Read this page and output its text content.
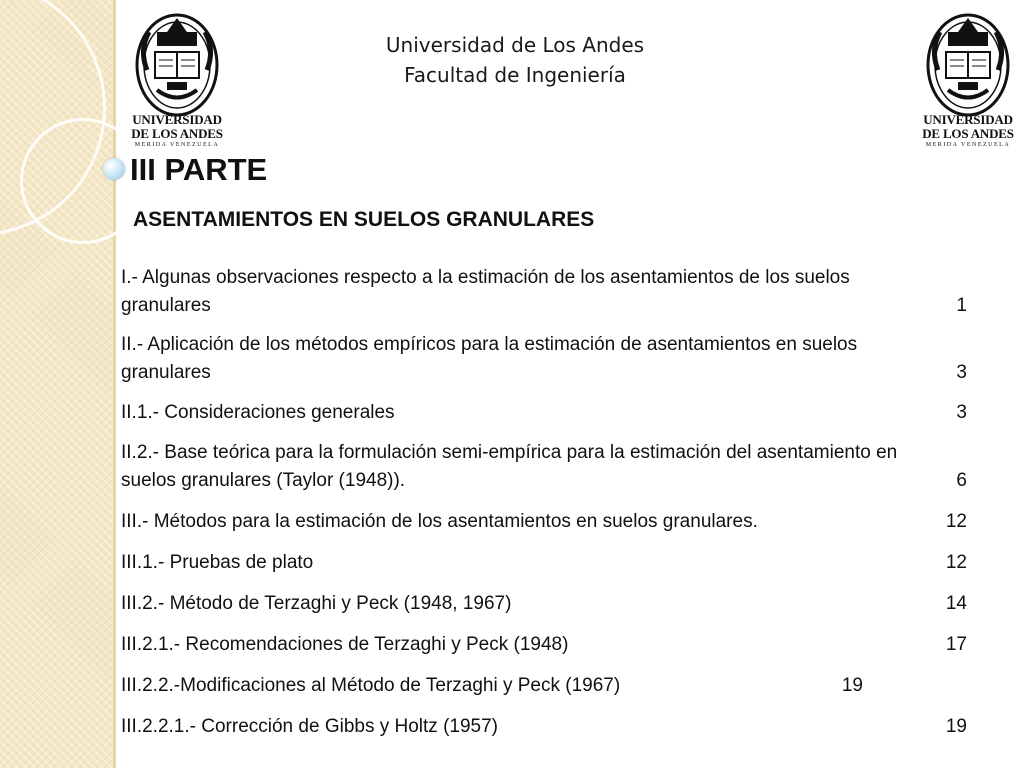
UNIVERSIDAD
DE LOS ANDES
MERIDA VENEZUELA
UNIVERSIDAD
DE LOS ANDES
MERIDA VENEZUELA
Universidad de Los Andes
Facultad de Ingeniería
III PARTE
ASENTAMIENTOS EN SUELOS GRANULARES
I.- Algunas observaciones respecto a la estimación de los asentamientos de los suelos granulares	1
II.- Aplicación de los métodos empíricos para la estimación de asentamientos en suelos granulares	3
II.1.- Consideraciones generales	3
II.2.- Base teórica para la formulación semi-empírica para la estimación del asentamiento en suelos granulares (Taylor (1948)).	6
III.- Métodos para la estimación de los asentamientos en suelos granulares.	12
III.1.- Pruebas de plato	12
III.2.- Método de Terzaghi y Peck (1948, 1967)	14
III.2.1.- Recomendaciones de Terzaghi y Peck (1948)	17
III.2.2.-Modificaciones al Método de Terzaghi y Peck (1967)	19
III.2.2.1.- Corrección de Gibbs y Holtz (1957)	19
